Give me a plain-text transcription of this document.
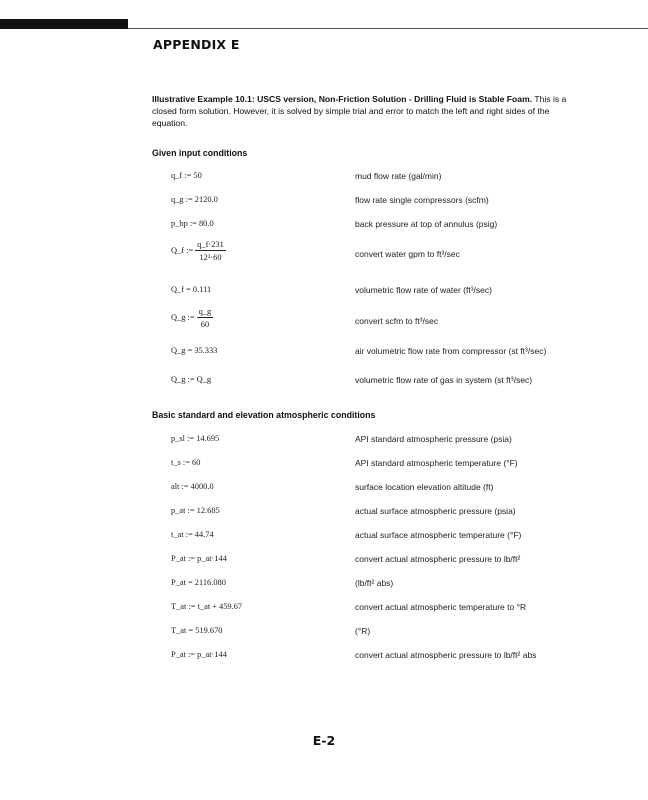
APPENDIX E
Illustrative Example 10.1: USCS version, Non-Friction Solution - Drilling Fluid is Stable Foam. This is a closed form solution. However, it is solved by simple trial and error to match the left and right sides of the equation.
Given input conditions
q_f := 50	mud flow rate (gal/min)
q_g := 2120.0	flow rate single compressors (scfm)
p_bp := 80.0	back pressure at top of annulus (psig)
Q_f := $\frac{q\_f\cdot 231}{\text{12³·60}}$	convert water gpm to ft³/sec
Q_f = 0.111	volumetric flow rate of water (ft³/sec)
Q_g := $\frac{q\_g}{60}$	convert scfm to ft³/sec
Q_g = 35.333	air volumetric flow rate from compressor (st ft³/sec)
Q_g := Q_g	volumetric flow rate of gas in system (st ft³/sec)
Basic standard and elevation atmospheric conditions
p_sl := 14.695	API standard atmospheric pressure (psia)
t_s := 60	API standard atmospheric temperature (°F)
alt := 4000.0	surface location elevation altitude (ft)
p_at := 12.685	actual surface atmospheric pressure (psia)
t_at := 44.74	actual surface atmospheric temperature (°F)
P_at := p_at·144	convert actual atmospheric pressure to lb/ft²
P_at = 2116.080	(lb/ft² abs)
T_at := t_at + 459.67	convert actual atmospheric temperature to °R
T_at = 519.670	(°R)
P_at := p_at·144	convert actual atmospheric pressure to lb/ft² abs
E-2
